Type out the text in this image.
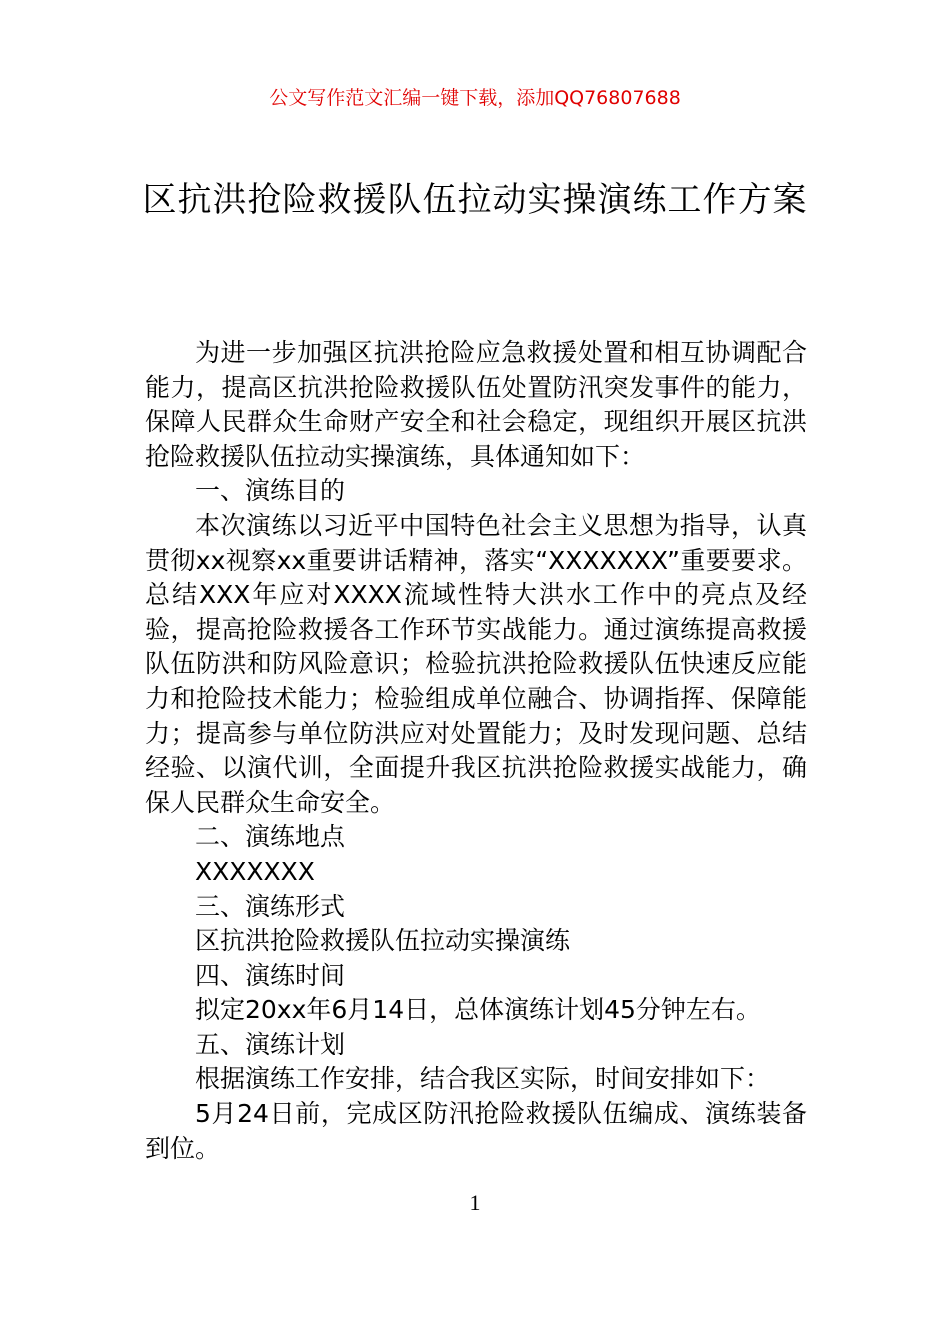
公文写作范文汇编一键下载，添加QQ76807688

区抗洪抢险救援队伍拉动实操演练工作方案

为进一步加强区抗洪抢险应急救援处置和相互协调配合能力，提高区抗洪抢险救援队伍处置防汛突发事件的能力，保障人民群众生命财产安全和社会稳定，现组织开展区抗洪抢险救援队伍拉动实操演练，具体通知如下：

一、演练目的

本次演练以习近平中国特色社会主义思想为指导，认真贯彻xx视察xx重要讲话精神，落实“XXXXXXX”重要要求。总结XXX年应对XXXX流域性特大洪水工作中的亮点及经验，提高抢险救援各工作环节实战能力。通过演练提高救援队伍防洪和防风险意识；检验抗洪抢险救援队伍快速反应能力和抢险技术能力；检验组成单位融合、协调指挥、保障能力；提高参与单位防洪应对处置能力；及时发现问题、总结经验、以演代训，全面提升我区抗洪抢险救援实战能力，确保人民群众生命安全。

二、演练地点

XXXXXXX

三、演练形式

区抗洪抢险救援队伍拉动实操演练

四、演练时间

拟定20xx年6月14日，总体演练计划45分钟左右。

五、演练计划

根据演练工作安排，结合我区实际，时间安排如下：

5月24日前，完成区防汛抢险救援队伍编成、演练装备到位。

1
